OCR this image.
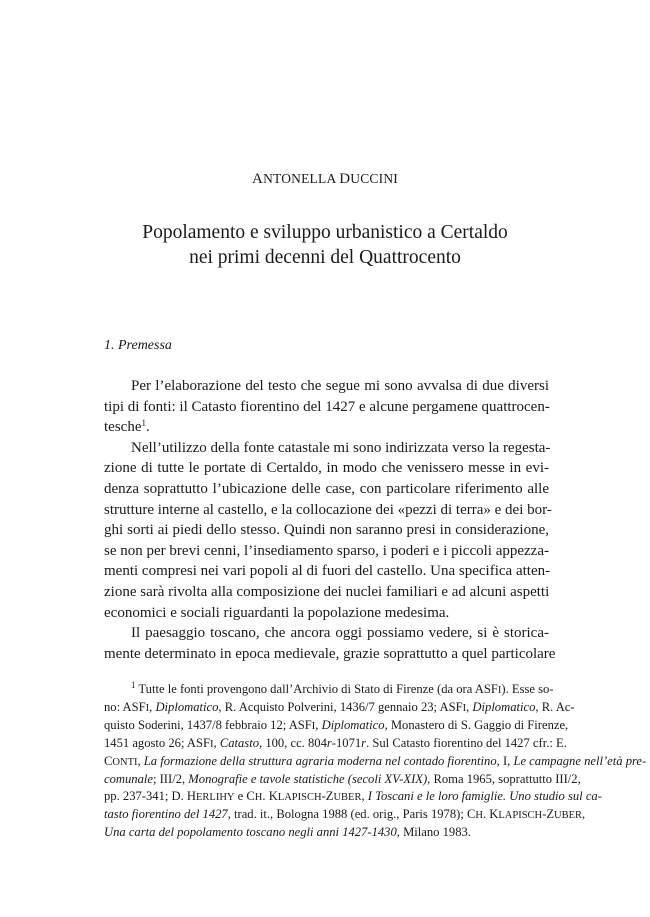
ANTONELLA DUCCINI
Popolamento e sviluppo urbanistico a Certaldo
nei primi decenni del Quattrocento
1. Premessa
Per l’elaborazione del testo che segue mi sono avvalsa di due diversi
tipi di fonti: il Catasto fiorentino del 1427 e alcune pergamene quattrocen-
tesche$^1$.
Nell’utilizzo della fonte catastale mi sono indirizzata verso la regesta-
zione di tutte le portate di Certaldo, in modo che venissero messe in evi-
denza soprattutto l’ubicazione delle case, con particolare riferimento alle
strutture interne al castello, e la collocazione dei «pezzi di terra» e dei bor-
ghi sorti ai piedi dello stesso. Quindi non saranno presi in considerazione,
se non per brevi cenni, l’insediamento sparso, i poderi e i piccoli appezza-
menti compresi nei vari popoli al di fuori del castello. Una specifica atten-
zione sarà rivolta alla composizione dei nuclei familiari e ad alcuni aspetti
economici e sociali riguardanti la popolazione medesima.
Il paesaggio toscano, che ancora oggi possiamo vedere, si è storica-
mente determinato in epoca medievale, grazie soprattutto a quel particolare
$^1$ Tutte le fonti provengono dall’Archivio di Stato di Firenze (da ora ASFI). Esse so-
no: ASFI, Diplomatico, R. Acquisto Polverini, 1436/7 gennaio 23; ASFI, Diplomatico, R. Ac-
quisto Soderini, 1437/8 febbraio 12; ASFI, Diplomatico, Monastero di S. Gaggio di Firenze,
1451 agosto 26; ASFI, Catasto, 100, cc. 804r-1071r. Sul Catasto fiorentino del 1427 cfr.: E.
CONTI, La formazione della struttura agraria moderna nel contado fiorentino, I, Le campagne nell’età pre-
comunale; III/2, Monografie e tavole statistiche (secoli XV-XIX), Roma 1965, soprattutto III/2,
pp. 237-341; D. HERLIHY e CH. KLAPISCH-ZUBER, I Toscani e le loro famiglie. Uno studio sul ca-
tasto fiorentino del 1427, trad. it., Bologna 1988 (ed. orig., Paris 1978); CH. KLAPISCH-ZUBER,
Una carta del popolamento toscano negli anni 1427-1430, Milano 1983.
